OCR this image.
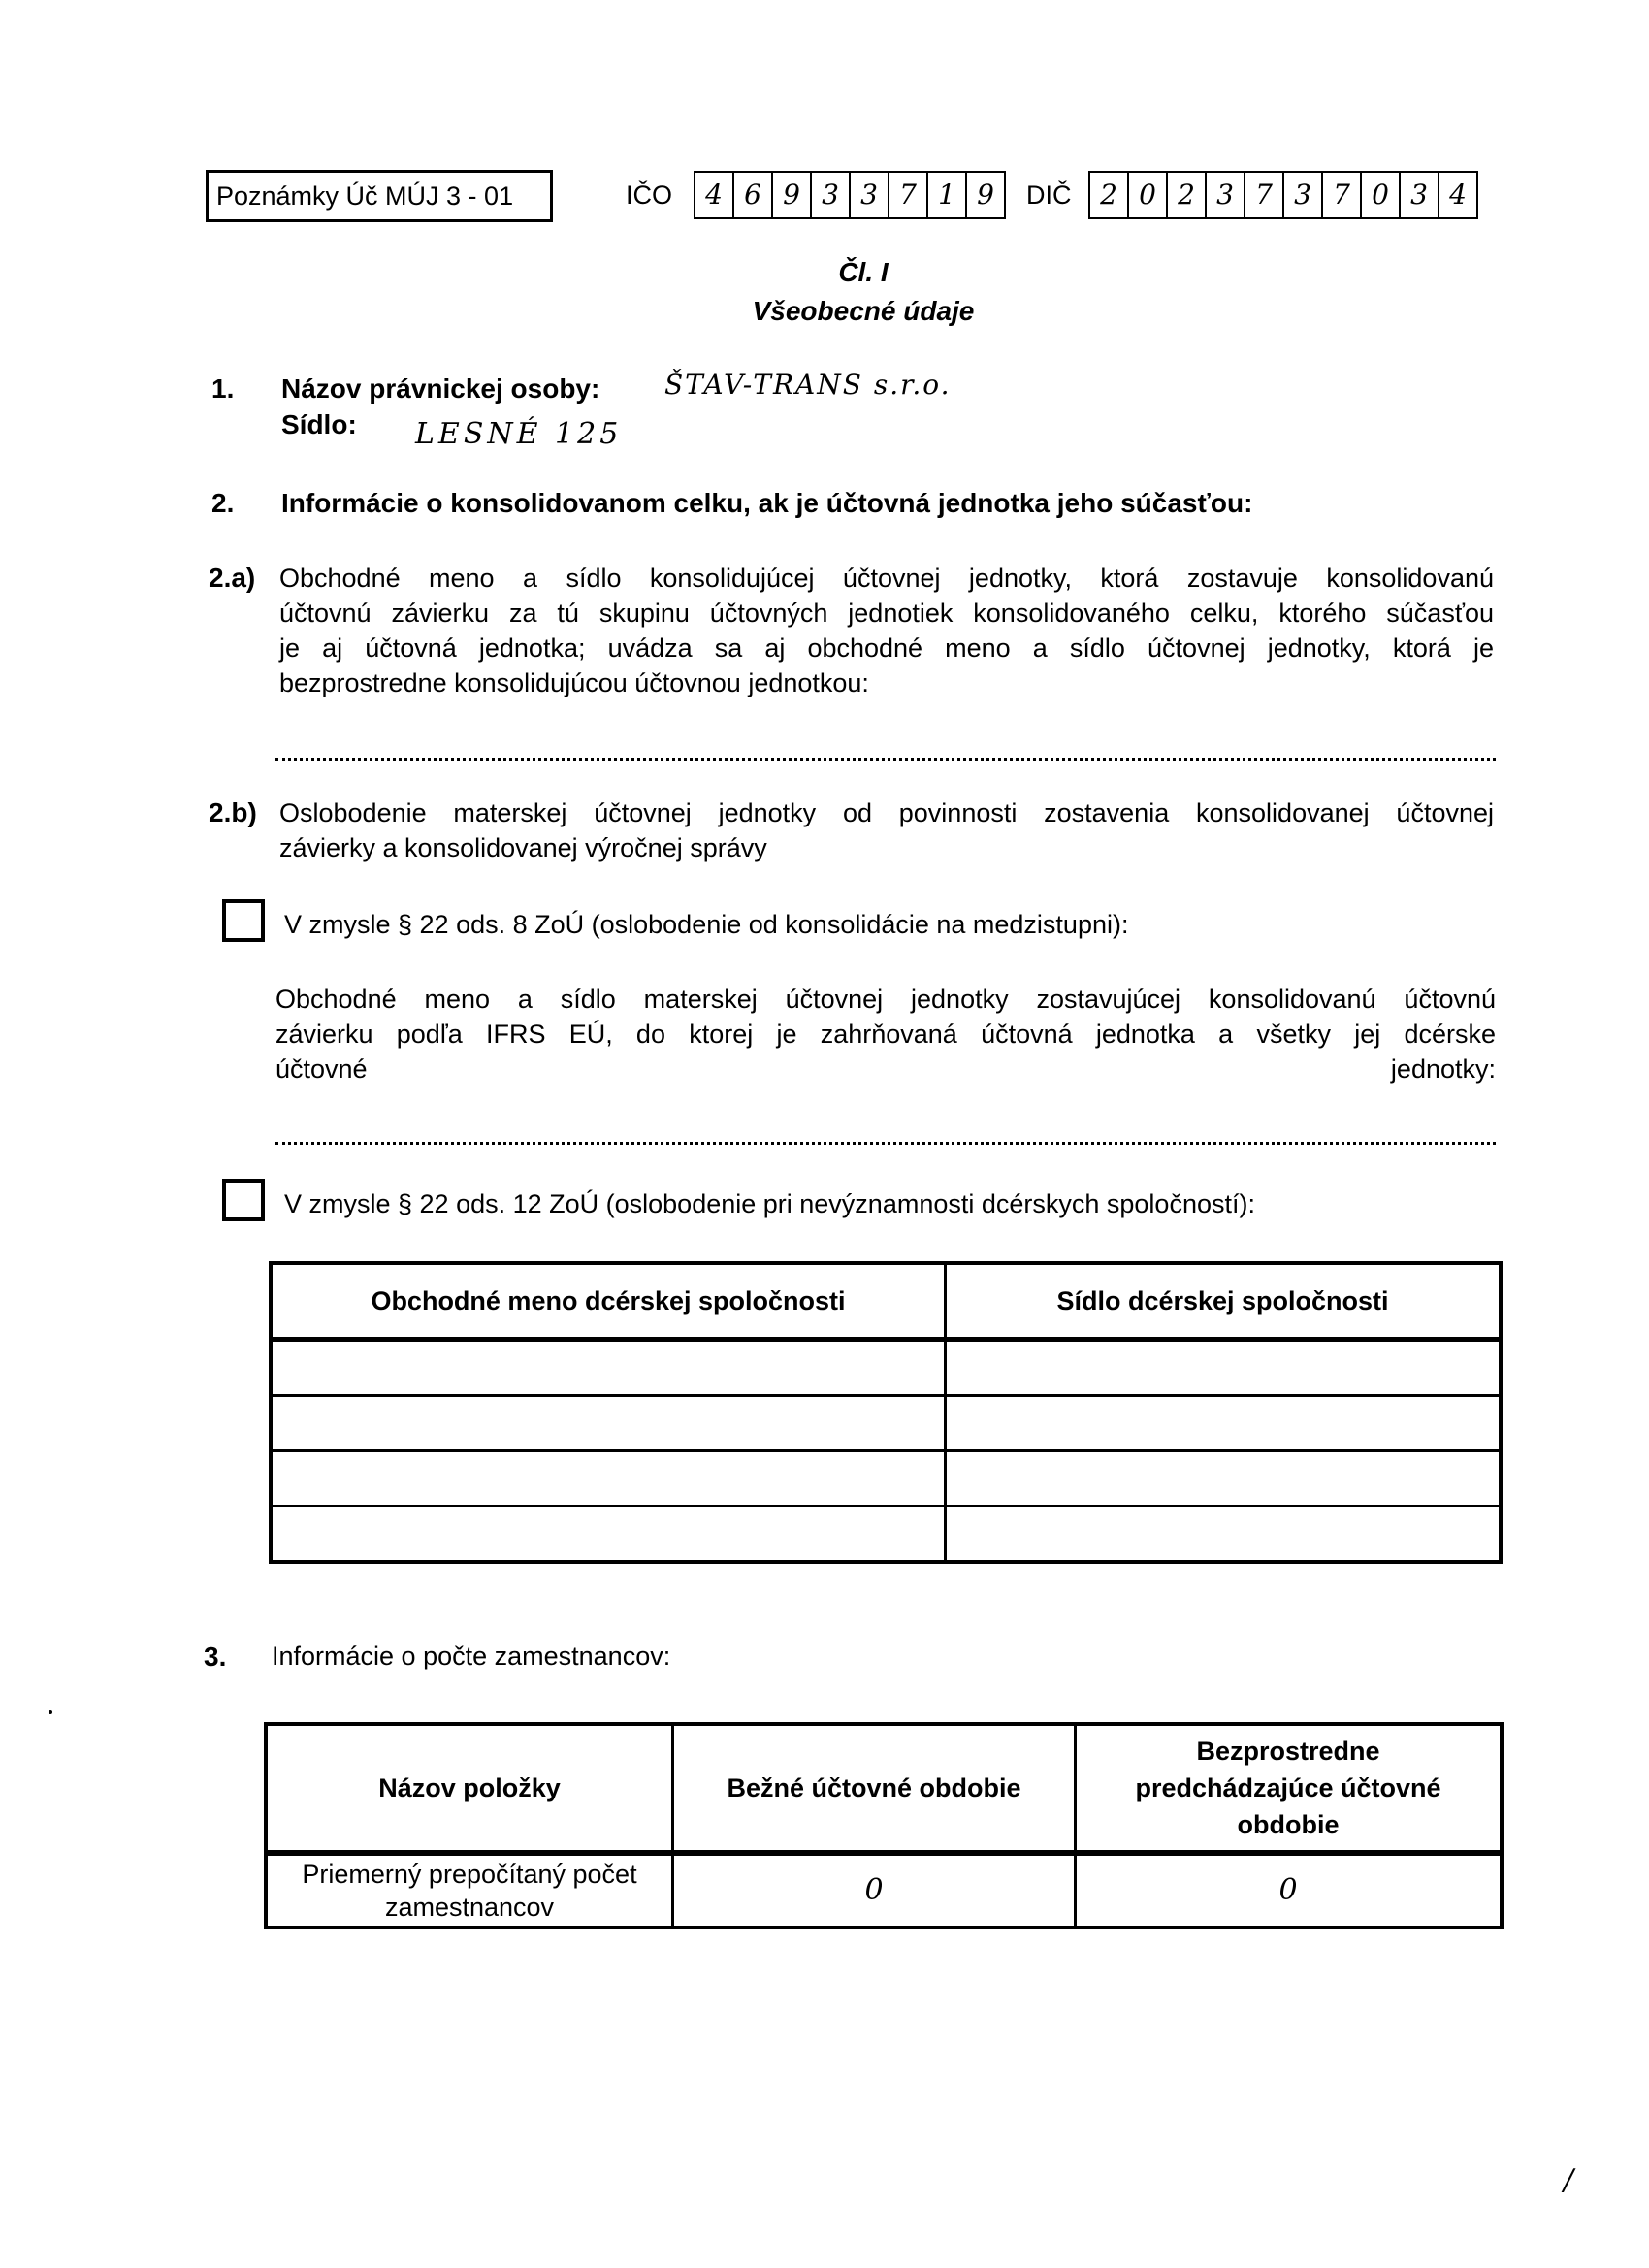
Poznámky Úč MÚJ 3 - 01	IČO	4 6 9 3 3 7 1 9	DIČ	2 0 2 3 7 3 7 0 3 4
Čl. I
Všeobecné údaje
1. Názov právnickej osoby: ŠTAV-TRANS s.r.o.
Sídlo: LESNÉ 125
2. Informácie o konsolidovanom celku, ak je účtovná jednotka jeho súčasťou:
2.a) Obchodné meno a sídlo konsolidujúcej účtovnej jednotky, ktorá zostavuje konsolidovanú
účtovnú závierku za tú skupinu účtovných jednotiek konsolidovaného celku, ktorého súčasťou
je aj účtovná jednotka; uvádza sa aj obchodné meno a sídlo účtovnej jednotky, ktorá je
bezprostredne konsolidujúcou účtovnou jednotkou:
2.b) Oslobodenie materskej účtovnej jednotky od povinnosti zostavenia konsolidovanej účtovnej
závierky a konsolidovanej výročnej správy
V zmysle § 22 ods. 8 ZoÚ (oslobodenie od konsolidácie na medzistupni):
Obchodné meno a sídlo materskej účtovnej jednotky zostavujúcej konsolidovanú účtovnú
závierku podľa IFRS EÚ, do ktorej je zahrňovaná účtovná jednotka a všetky jej dcérske
účtovné jednotky:
V zmysle § 22 ods. 12 ZoÚ (oslobodenie pri nevýznamnosti dcérskych spoločností):
Obchodné meno dcérskej spoločnosti	Sídlo dcérskej spoločnosti

3. Informácie o počte zamestnancov:
Názov položky	Bežné účtovné obdobie	Bezprostredne predchádzajúce účtovné obdobie
Priemerný prepočítaný počet zamestnancov	0	0
/
